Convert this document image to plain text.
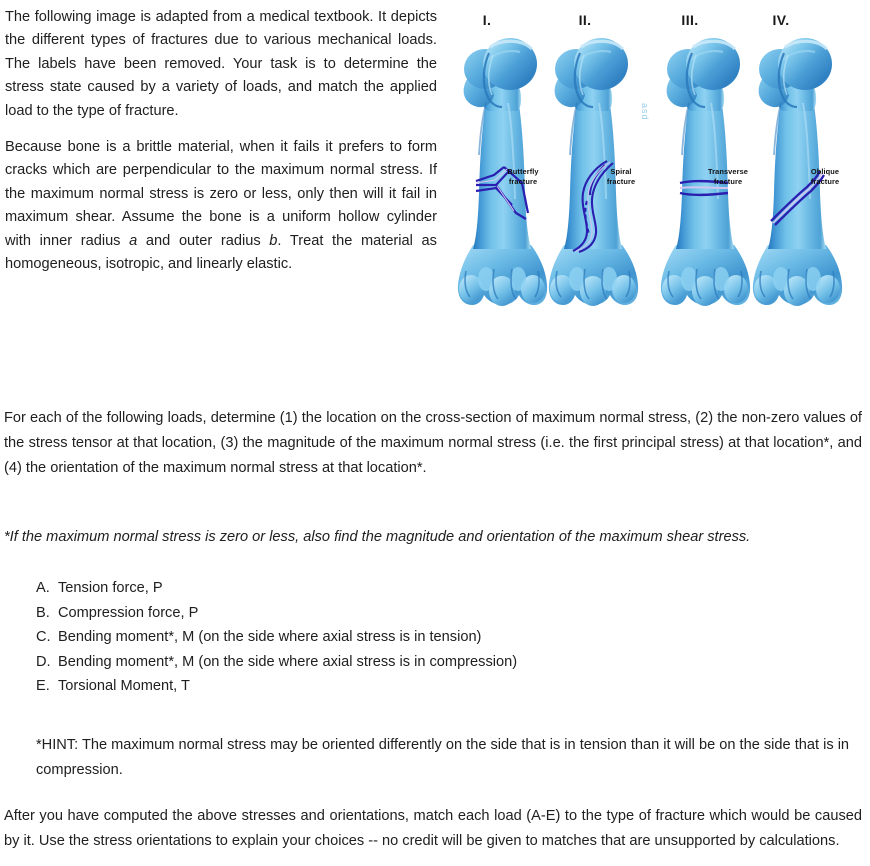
The following image is adapted from a medical textbook. It depicts the different types of fractures due to various mechanical loads. The labels have been removed. Your task is to determine the stress state caused by a variety of loads, and match the applied load to the type of fracture.

Because bone is a brittle material, when it fails it prefers to form cracks which are perpendicular to the maximum normal stress. If the maximum normal stress is zero or less, only then will it fail in maximum shear. Assume the bone is a uniform hollow cylinder with inner radius a and outer radius b. Treat the material as homogeneous, isotropic, and linearly elastic.

I.
Butterfly
fracture
II.
asd
Spiral
fracture
III.
Transverse
fracture
IV.
Oblique
fracture

For each of the following loads, determine (1) the location on the cross-section of maximum normal stress, (2) the non-zero values of the stress tensor at that location, (3) the magnitude of the maximum normal stress (i.e. the first principal stress) at that location*, and (4) the orientation of the maximum normal stress at that location*.

*If the maximum normal stress is zero or less, also find the magnitude and orientation of the maximum shear stress.

A. Tension force, P
B. Compression force, P
C. Bending moment*, M (on the side where axial stress is in tension)
D. Bending moment*, M (on the side where axial stress is in compression)
E. Torsional Moment, T

*HINT: The maximum normal stress may be oriented differently on the side that is in tension than it will be on the side that is in compression.

After you have computed the above stresses and orientations, match each load (A-E) to the type of fracture which would be caused by it. Use the stress orientations to explain your choices -- no credit will be given to matches that are unsupported by calculations.
